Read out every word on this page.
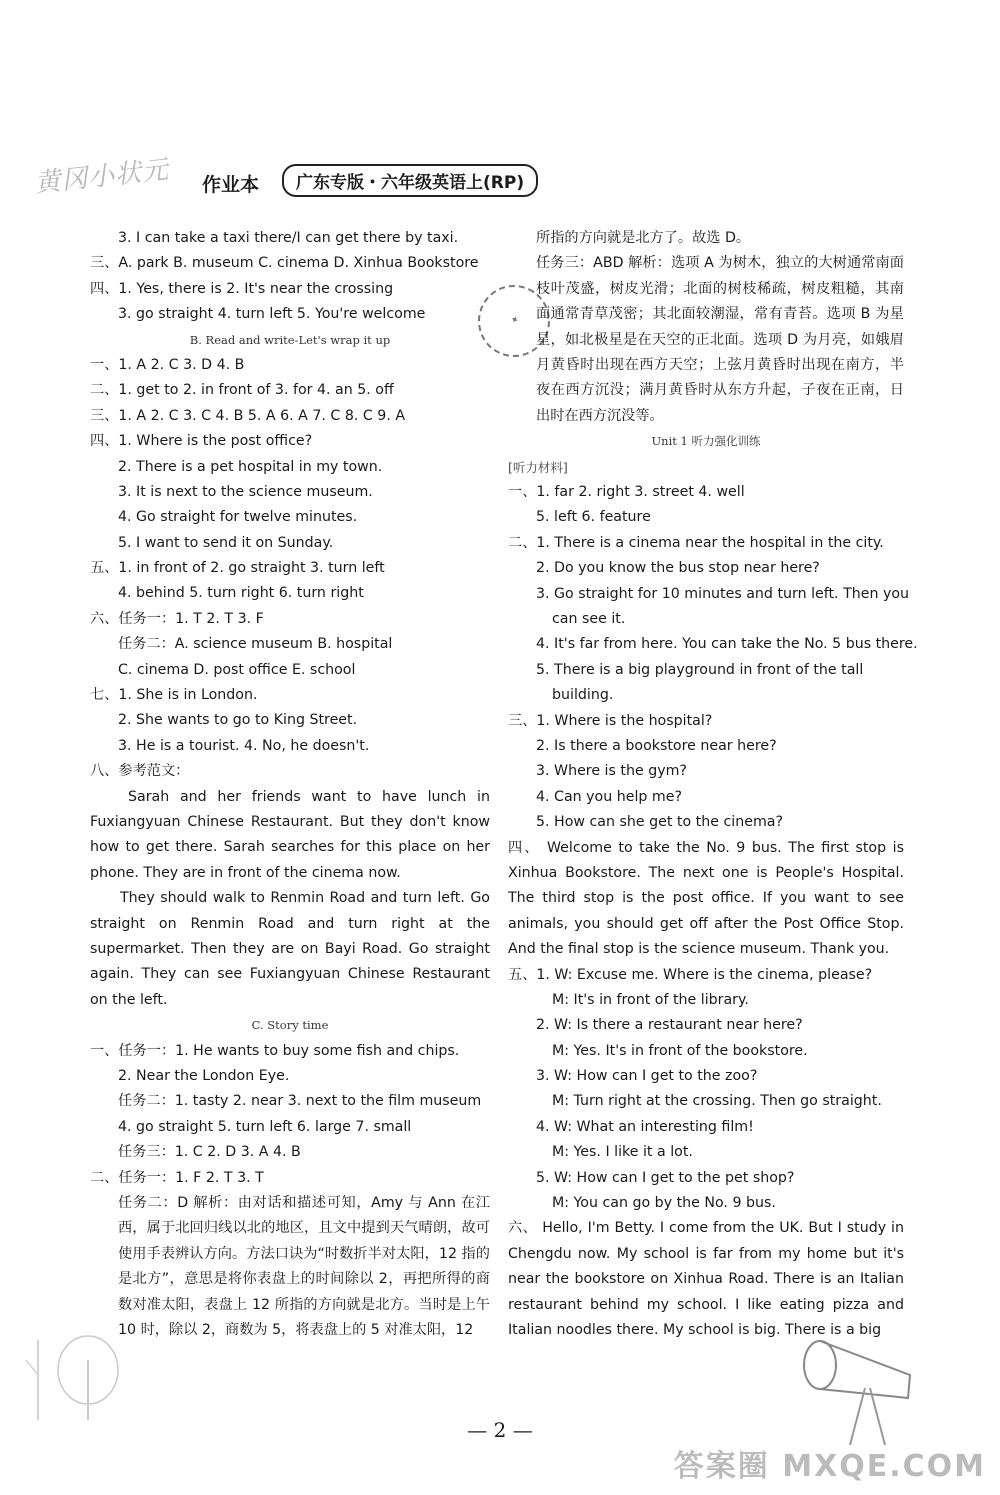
黄冈小状元 作业本	广东专版・六年级英语上(RP)
✦
3. I can take a taxi there/I can get there by taxi.
三、A. park B. museum C. cinema D. Xinhua Bookstore
四、1. Yes, there is 2. It's near the crossing
3. go straight 4. turn left 5. You're welcome
B. Read and write-Let's wrap it up
一、1. A 2. C 3. D 4. B
二、1. get to 2. in front of 3. for 4. an 5. off
三、1. A 2. C 3. C 4. B 5. A 6. A 7. C 8. C 9. A
四、1. Where is the post office?
2. There is a pet hospital in my town.
3. It is next to the science museum.
4. Go straight for twelve minutes.
5. I want to send it on Sunday.
五、1. in front of 2. go straight 3. turn left
4. behind 5. turn right 6. turn right
六、任务一：1. T 2. T 3. F
任务二：A. science museum B. hospital
C. cinema D. post office E. school
七、1. She is in London.
2. She wants to go to King Street.
3. He is a tourist. 4. No, he doesn't.
八、参考范文：
Sarah and her friends want to have lunch in Fuxiangyuan Chinese Restaurant. But they don't know how to get there. Sarah searches for this place on her phone. They are in front of the cinema now.
They should walk to Renmin Road and turn left. Go straight on Renmin Road and turn right at the supermarket. Then they are on Bayi Road. Go straight again. They can see Fuxiangyuan Chinese Restaurant on the left.
C. Story time
一、任务一：1. He wants to buy some fish and chips.
2. Near the London Eye.
任务二：1. tasty 2. near 3. next to the film museum
4. go straight 5. turn left 6. large 7. small
任务三：1. C 2. D 3. A 4. B
二、任务一：1. F 2. T 3. T
任务二：D 解析：由对话和描述可知，Amy 与 Ann 在江西，属于北回归线以北的地区，且文中提到天气晴朗，故可使用手表辨认方向。方法口诀为“时数折半对太阳，12 指的是北方”，意思是将你表盘上的时间除以 2，再把所得的商数对准太阳，表盘上 12 所指的方向就是北方。当时是上午 10 时，除以 2，商数为 5，将表盘上的 5 对准太阳，12
所指的方向就是北方了。故选 D。
任务三：ABD 解析：选项 A 为树木，独立的大树通常南面枝叶茂盛，树皮光滑；北面的树枝稀疏，树皮粗糙，其南面通常青草茂密；其北面较潮湿，常有青苔。选项 B 为星星，如北极星是在天空的正北面。选项 D 为月亮，如娥眉月黄昏时出现在西方天空；上弦月黄昏时出现在南方，半夜在西方沉没；满月黄昏时从东方升起，子夜在正南，日出时在西方沉没等。
Unit 1 听力强化训练
[听力材料]
一、1. far 2. right 3. street 4. well
5. left 6. feature
二、1. There is a cinema near the hospital in the city.
2. Do you know the bus stop near here?
3. Go straight for 10 minutes and turn left. Then you
can see it.
4. It's far from here. You can take the No. 5 bus there.
5. There is a big playground in front of the tall
building.
三、1. Where is the hospital?
2. Is there a bookstore near here?
3. Where is the gym?
4. Can you help me?
5. How can she get to the cinema?
四、 Welcome to take the No. 9 bus. The first stop is Xinhua Bookstore. The next one is People's Hospital. The third stop is the post office. If you want to see animals, you should get off after the Post Office Stop. And the final stop is the science museum. Thank you.
五、1. W: Excuse me. Where is the cinema, please?
M: It's in front of the library.
2. W: Is there a restaurant near here?
M: Yes. It's in front of the bookstore.
3. W: How can I get to the zoo?
M: Turn right at the crossing. Then go straight.
4. W: What an interesting film!
M: Yes. I like it a lot.
5. W: How can I get to the pet shop?
M: You can go by the No. 9 bus.
六、 Hello, I'm Betty. I come from the UK. But I study in Chengdu now. My school is far from my home but it's near the bookstore on Xinhua Road. There is an Italian restaurant behind my school. I like eating pizza and Italian noodles there. My school is big. There is a big
— 2 —
答案圈 MXQE.COM
